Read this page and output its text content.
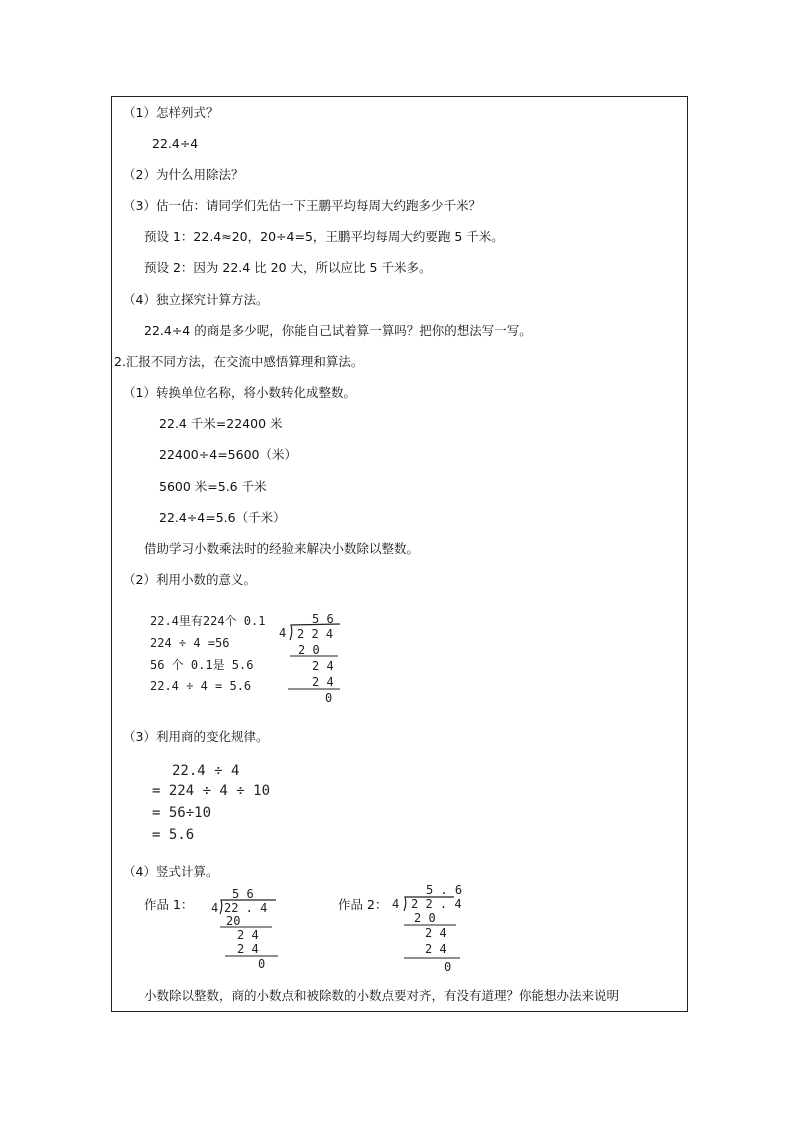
（1）怎样列式？
22.4÷4
（2）为什么用除法？
（3）估一估：请同学们先估一下王鹏平均每周大约跑多少千米？
预设 1：22.4≈20，20÷4=5，王鹏平均每周大约要跑 5 千米。
预设 2：因为 22.4 比 20 大，所以应比 5 千米多。
（4）独立探究计算方法。
22.4÷4 的商是多少呢，你能自己试着算一算吗？把你的想法写一写。
2.汇报不同方法，在交流中感悟算理和算法。
（1）转换单位名称，将小数转化成整数。
22.4 千米=22400 米
22400÷4=5600（米）
5600 米=5.6 千米
22.4÷4=5.6（千米）
借助学习小数乘法时的经验来解决小数除以整数。
（2）利用小数的意义。
22.4里有224个 0.1
224 ÷ 4 =56
56 个 0.1是 5.6
22.4 ÷ 4 = 5.6
5 6
4 2 2 4
2 0
2 4
2 4
0
（3）利用商的变化规律。
22.4 ÷ 4
= 224 ÷ 4 ÷ 10
= 56÷10
= 5.6
（4）竖式计算。
作品 1：	作品 2：
5 6
4 22 . 4
20
2 4
2 4
0
5 . 6
4 2 2 . 4
2 0
2 4
2 4
0
小数除以整数，商的小数点和被除数的小数点要对齐，有没有道理？你能想办法来说明
